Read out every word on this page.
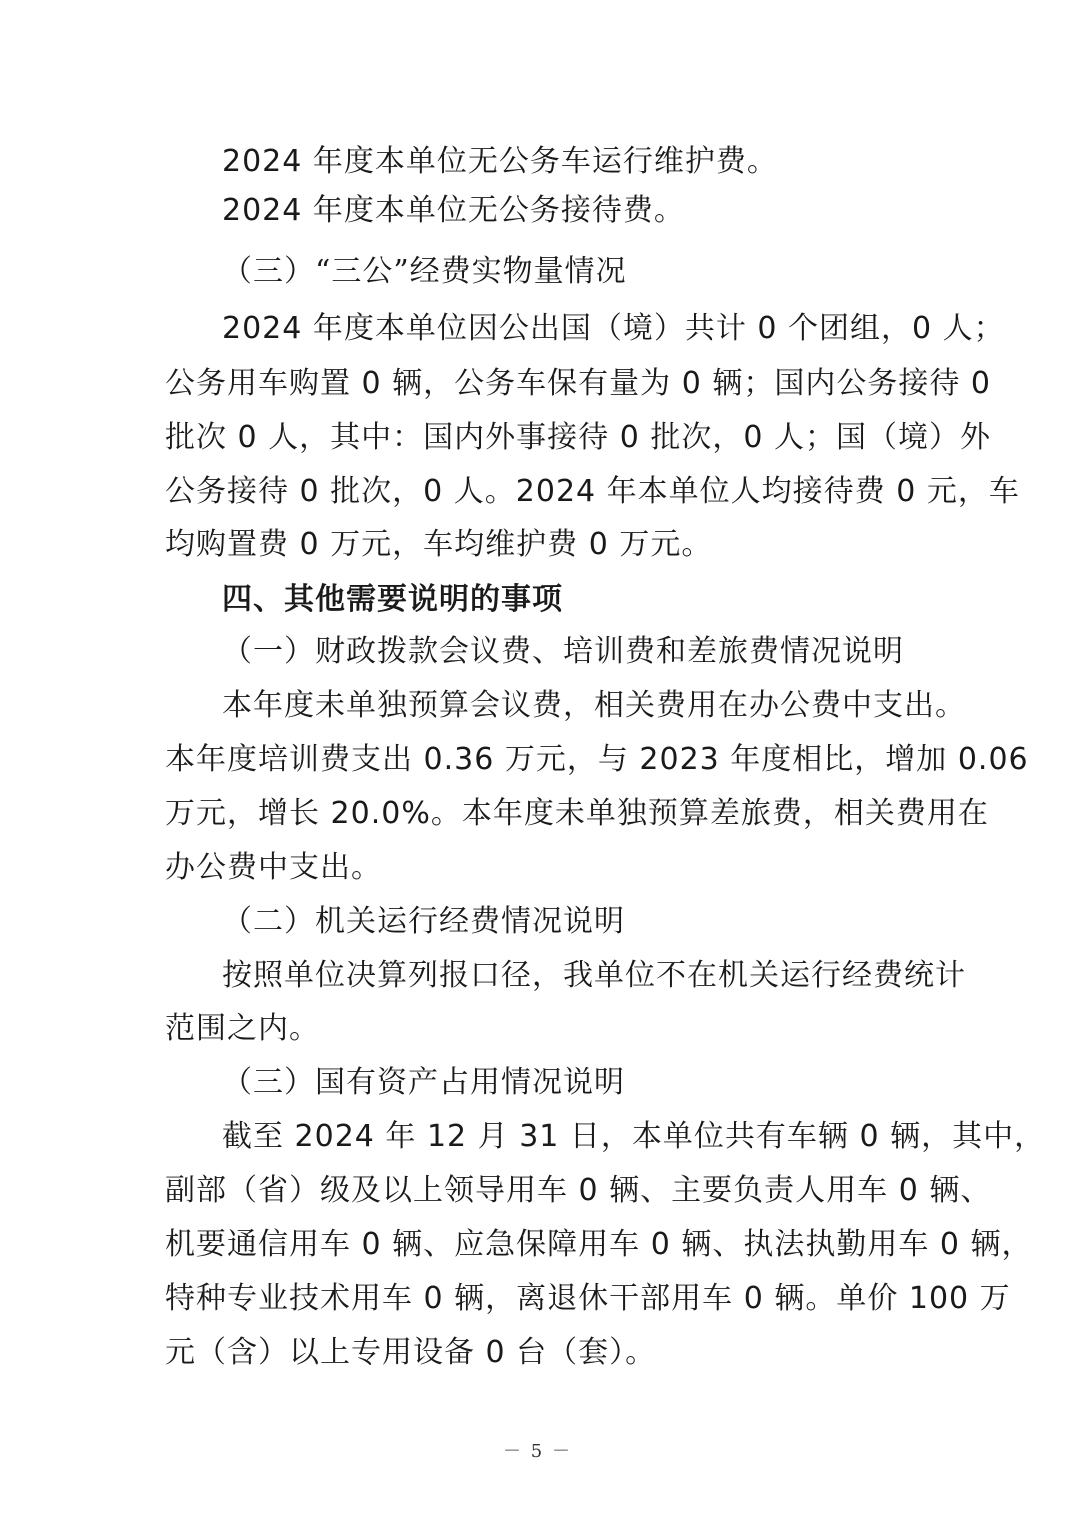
2024 年度本单位无公务车运行维护费。
2024 年度本单位无公务接待费。
（三）“三公”经费实物量情况
2024 年度本单位因公出国（境）共计 0 个团组，0 人；
公务用车购置 0 辆，公务车保有量为 0 辆；国内公务接待 0
批次 0 人，其中：国内外事接待 0 批次，0 人；国（境）外
公务接待 0 批次，0 人。2024 年本单位人均接待费 0 元，车
均购置费 0 万元，车均维护费 0 万元。
四、其他需要说明的事项
（一）财政拨款会议费、培训费和差旅费情况说明
本年度未单独预算会议费，相关费用在办公费中支出。
本年度培训费支出 0.36 万元，与 2023 年度相比，增加 0.06
万元，增长 20.0%。本年度未单独预算差旅费，相关费用在
办公费中支出。
（二）机关运行经费情况说明
按照单位决算列报口径，我单位不在机关运行经费统计
范围之内。
（三）国有资产占用情况说明
截至 2024 年 12 月 31 日，本单位共有车辆 0 辆，其中，
副部（省）级及以上领导用车 0 辆、主要负责人用车 0 辆、
机要通信用车 0 辆、应急保障用车 0 辆、执法执勤用车 0 辆，
特种专业技术用车 0 辆，离退休干部用车 0 辆。单价 100 万
元（含）以上专用设备 0 台（套）。
－ 5 －
